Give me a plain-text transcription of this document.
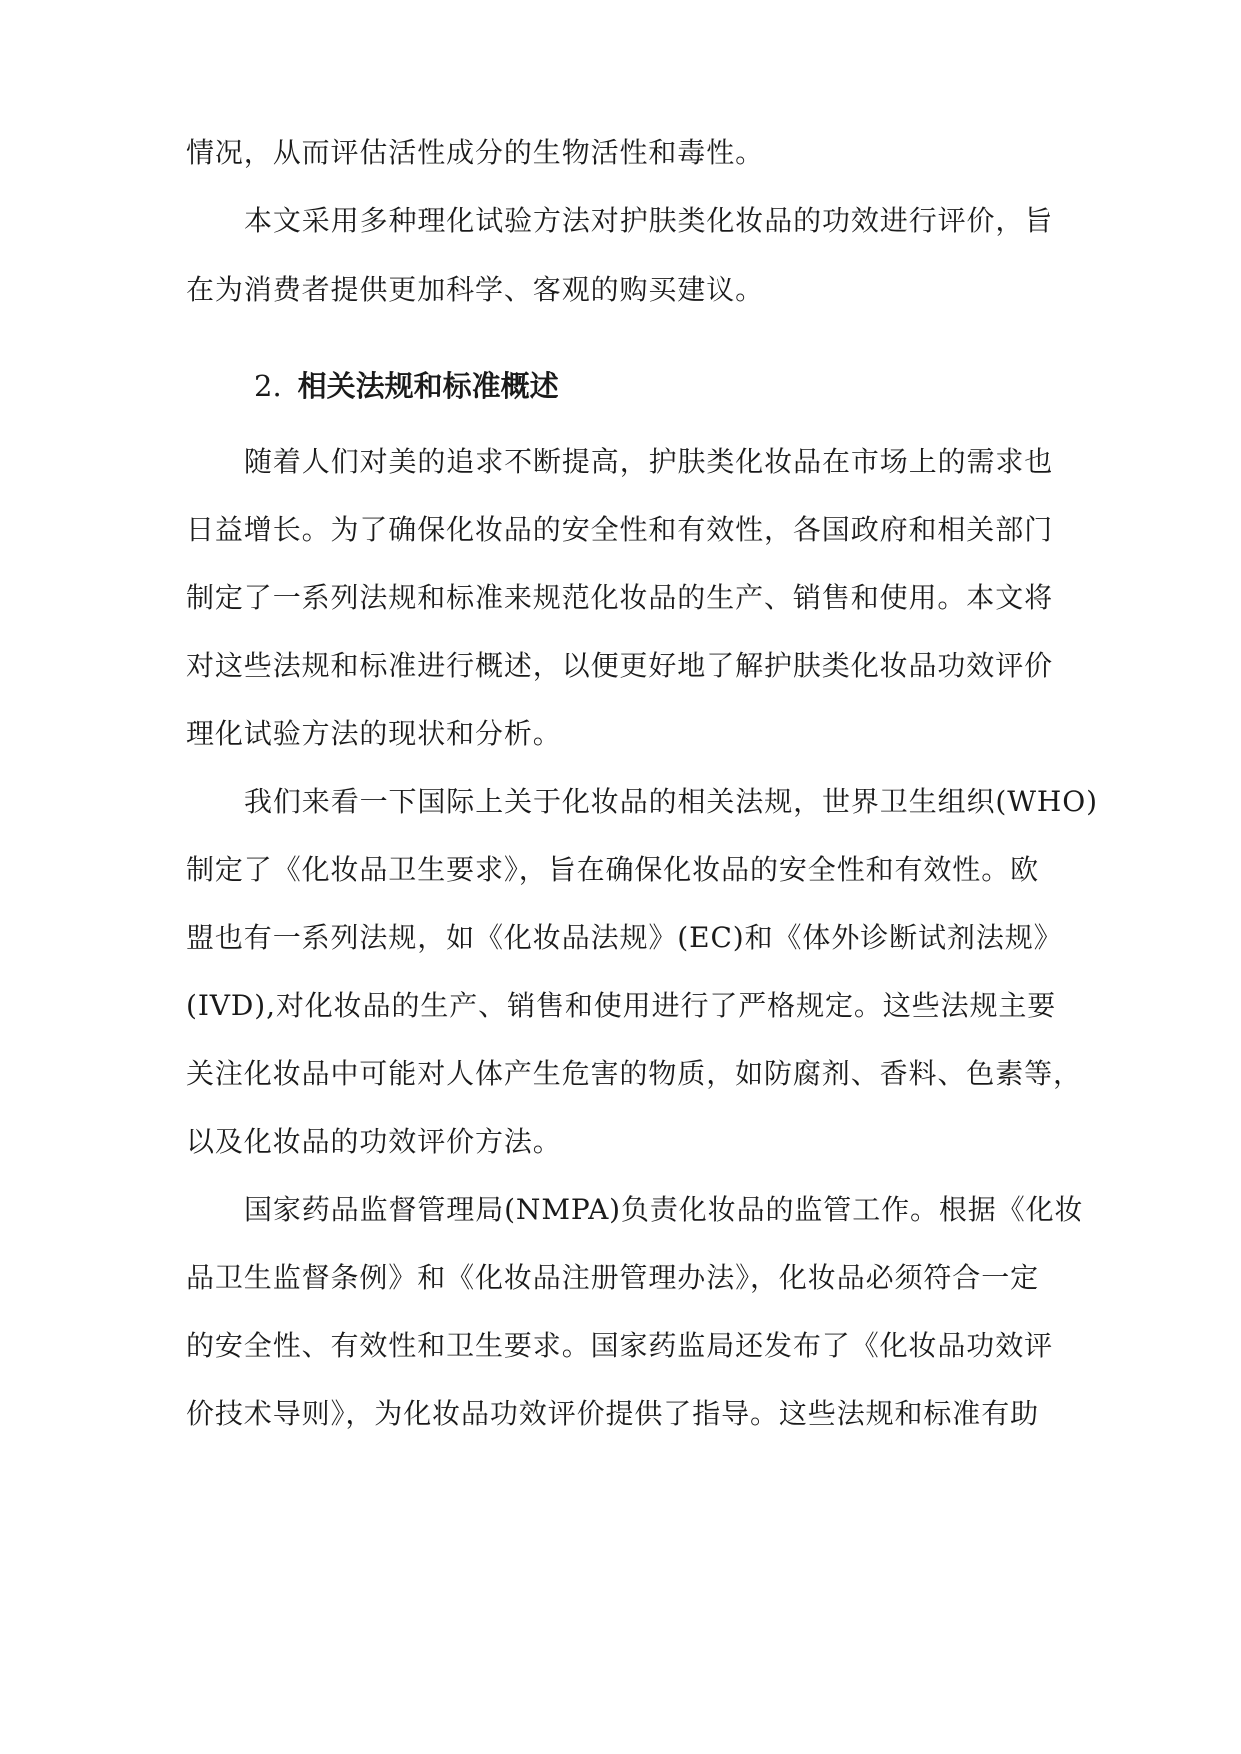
情况，从而评估活性成分的生物活性和毒性。
本文采用多种理化试验方法对护肤类化妆品的功效进行评价，旨
在为消费者提供更加科学、客观的购买建议。
2. 相关法规和标准概述
随着人们对美的追求不断提高，护肤类化妆品在市场上的需求也
日益增长。为了确保化妆品的安全性和有效性，各国政府和相关部门
制定了一系列法规和标准来规范化妆品的生产、销售和使用。本文将
对这些法规和标准进行概述，以便更好地了解护肤类化妆品功效评价
理化试验方法的现状和分析。
我们来看一下国际上关于化妆品的相关法规，世界卫生组织(WHO)
制定了《化妆品卫生要求》，旨在确保化妆品的安全性和有效性。欧
盟也有一系列法规，如《化妆品法规》(EC)和《体外诊断试剂法规》
(IVD),对化妆品的生产、销售和使用进行了严格规定。这些法规主要
关注化妆品中可能对人体产生危害的物质，如防腐剂、香料、色素等，
以及化妆品的功效评价方法。
国家药品监督管理局(NMPA)负责化妆品的监管工作。根据《化妆
品卫生监督条例》和《化妆品注册管理办法》，化妆品必须符合一定
的安全性、有效性和卫生要求。国家药监局还发布了《化妆品功效评
价技术导则》，为化妆品功效评价提供了指导。这些法规和标准有助
